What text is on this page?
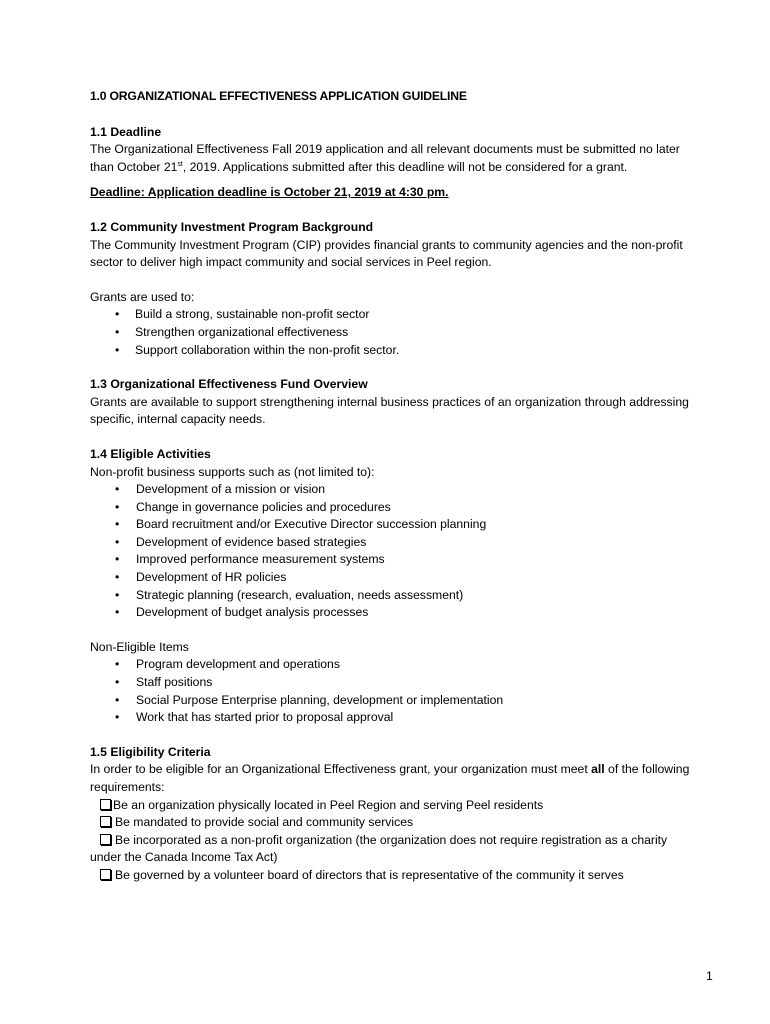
1.0 ORGANIZATIONAL EFFECTIVENESS APPLICATION GUIDELINE

1.1 Deadline

The Organizational Effectiveness Fall 2019 application and all relevant documents must be submitted no later than October 21st, 2019. Applications submitted after this deadline will not be considered for a grant.

Deadline: Application deadline is October 21, 2019 at 4:30 pm.

1.2 Community Investment Program Background

The Community Investment Program (CIP) provides financial grants to community agencies and the non-profit sector to deliver high impact community and social services in Peel region.

Grants are used to:

• Build a strong, sustainable non-profit sector
• Strengthen organizational effectiveness
• Support collaboration within the non-profit sector.

1.3 Organizational Effectiveness Fund Overview

Grants are available to support strengthening internal business practices of an organization through addressing specific, internal capacity needs.

1.4 Eligible Activities

Non-profit business supports such as (not limited to):

• Development of a mission or vision
• Change in governance policies and procedures
• Board recruitment and/or Executive Director succession planning
• Development of evidence based strategies
• Improved performance measurement systems
• Development of HR policies
• Strategic planning (research, evaluation, needs assessment)
• Development of budget analysis processes

Non-Eligible Items

• Program development and operations
• Staff positions
• Social Purpose Enterprise planning, development or implementation
• Work that has started prior to proposal approval

1.5 Eligibility Criteria

In order to be eligible for an Organizational Effectiveness grant, your organization must meet all of the following requirements:

Be an organization physically located in Peel Region and serving Peel residents
Be mandated to provide social and community services
Be incorporated as a non-profit organization (the organization does not require registration as a charity under the Canada Income Tax Act)
Be governed by a volunteer board of directors that is representative of the community it serves
1
